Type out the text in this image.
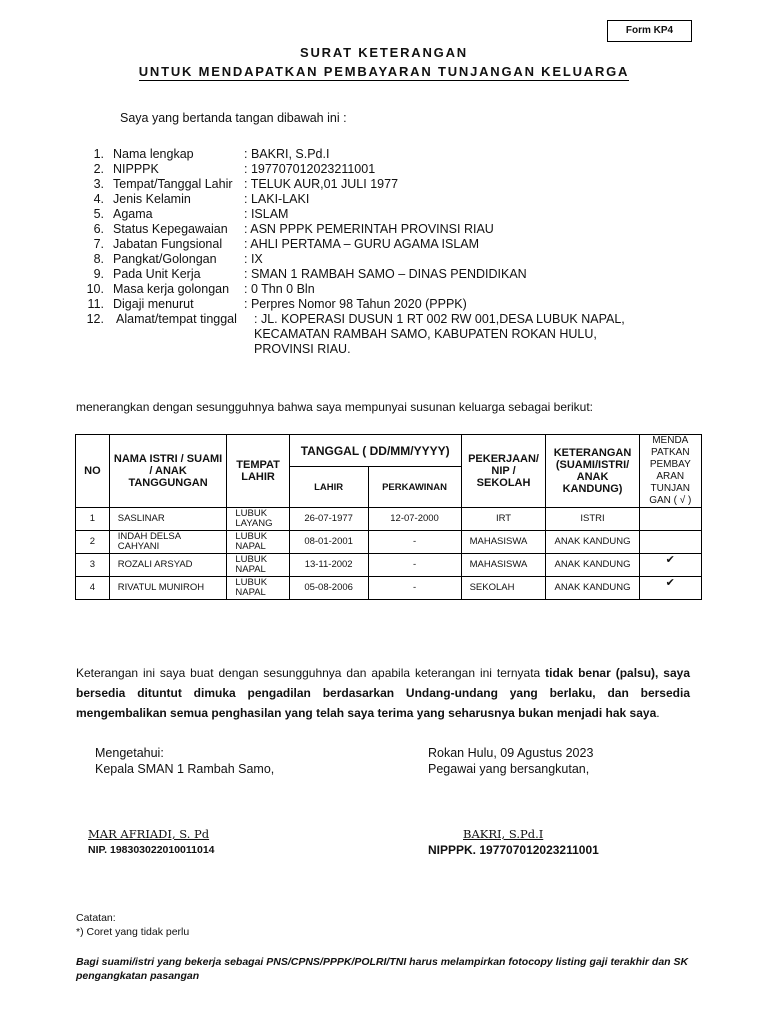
Form KP4
SURAT KETERANGAN
UNTUK MENDAPATKAN PEMBAYARAN TUNJANGAN KELUARGA
Saya yang bertanda tangan dibawah ini :
1. Nama lengkap	: BAKRI, S.Pd.I
2. NIPPPK	: 197707012023211001
3. Tempat/Tanggal Lahir : TELUK AUR,01 JULI 1977
4. Jenis Kelamin	: LAKI-LAKI
5. Agama	: ISLAM
6. Status Kepegawaian : ASN PPPK PEMERINTAH PROVINSI RIAU
7. Jabatan Fungsional : AHLI PERTAMA – GURU AGAMA ISLAM
8. Pangkat/Golongan : IX
9. Pada Unit Kerja	: SMAN 1 RAMBAH SAMO – DINAS PENDIDIKAN
10. Masa kerja golongan : 0 Thn 0 Bln
11. Digaji menurut	: Perpres Nomor 98 Tahun 2020 (PPPK)
12. Alamat/tempat tinggal : JL. KOPERASI DUSUN 1 RT 002 RW 001,DESA LUBUK NAPAL, KECAMATAN RAMBAH SAMO, KABUPATEN ROKAN HULU, PROVINSI RIAU.
menerangkan dengan sesungguhnya bahwa saya mempunyai susunan keluarga sebagai berikut:
NO	NAMA ISTRI / SUAMI / ANAK TANGGUNGAN	TEMPAT LAHIR	TANGGAL ( DD/MM/YYYY)		PEKERJAAN/ NIP / SEKOLAH	KETERANGAN (SUAMI/ISTRI/ ANAK KANDUNG)	MENDA PATKAN PEMBAY ARAN TUNJAN GAN ( √ )
			LAHIR	PERKAWINAN			
1	SASLINAR	LUBUK LAYANG	26-07-1977	12-07-2000	IRT	ISTRI	
2	INDAH DELSA CAHYANI	LUBUK NAPAL	08-01-2001	-	MAHASISWA	ANAK KANDUNG	
3	ROZALI ARSYAD	LUBUK NAPAL	13-11-2002	-	MAHASISWA	ANAK KANDUNG	✔
4	RIVATUL MUNIROH	LUBUK NAPAL	05-08-2006	-	SEKOLAH	ANAK KANDUNG	✔
Keterangan ini saya buat dengan sesungguhnya dan apabila keterangan ini ternyata tidak benar (palsu), saya bersedia dituntut dimuka pengadilan berdasarkan Undang-undang yang berlaku, dan bersedia mengembalikan semua penghasilan yang telah saya terima yang seharusnya bukan menjadi hak saya.
Mengetahui:
Kepala SMAN 1 Rambah Samo,
Rokan Hulu, 09 Agustus 2023
Pegawai yang bersangkutan,
MAR AFRIADI, S. Pd
NIP. 198303022010011014
BAKRI, S.Pd.I
NIPPPK. 197707012023211001
Catatan:
*) Coret yang tidak perlu
Bagi suami/istri yang bekerja sebagai PNS/CPNS/PPPK/POLRI/TNI harus melampirkan fotocopy listing gaji terakhir dan SK pengangkatan pasangan
